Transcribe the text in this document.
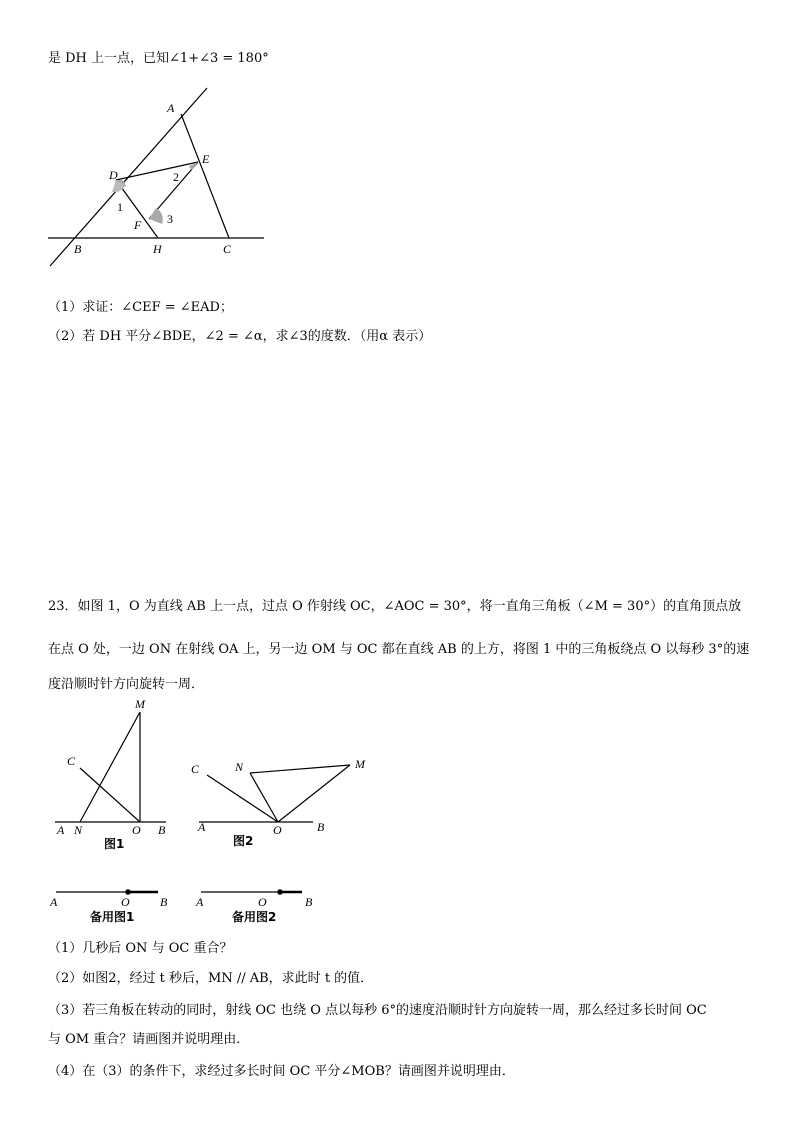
是 DH 上一点，已知∠1+∠3 = 180°
A
E
D	2
1
F 3
B	H	C
（1）求证：∠CEF = ∠EAD；
（2）若 DH 平分∠BDE，∠2 = ∠α，求∠3的度数．（用α 表示）
23．如图 1，O 为直线 AB 上一点，过点 O 作射线 OC，∠AOC = 30°，将一直角三角板（∠M = 30°）的直角顶点放
在点 O 处，一边 ON 在射线 OA 上，另一边 OM 与 OC 都在直线 AB 的上方，将图 1 中的三角板绕点 O 以每秒 3°的速
度沿顺时针方向旋转一周．
M
C
A N	O B
图1
C	N	M
A	O	B
图2
A	O	B
备用图1
A	O	B
备用图2
（1）几秒后 ON 与 OC 重合？
（2）如图2，经过 t 秒后，MN // AB，求此时 t 的值．
（3）若三角板在转动的同时，射线 OC 也绕 O 点以每秒 6°的速度沿顺时针方向旋转一周，那么经过多长时间 OC
与 OM 重合？请画图并说明理由．
（4）在（3）的条件下，求经过多长时间 OC 平分∠MOB？请画图并说明理由．
